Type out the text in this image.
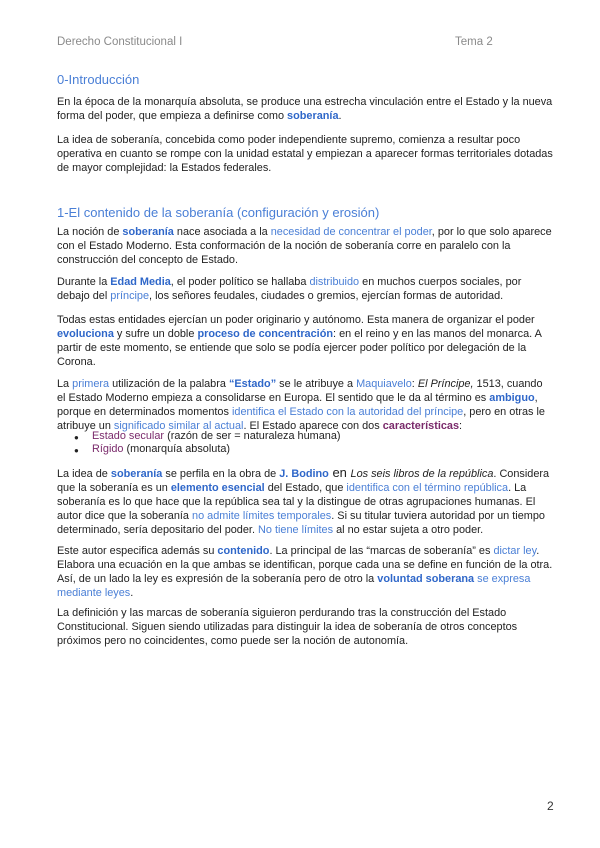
Derecho Constitucional I	Tema 2
0-Introducción

En la época de la monarquía absoluta, se produce una estrecha vinculación entre el Estado y la nueva forma del poder, que empieza a definirse como soberanía.

La idea de soberanía, concebida como poder independiente supremo, comienza a resultar poco operativa en cuanto se rompe con la unidad estatal y empiezan a aparecer formas territoriales dotadas de mayor complejidad: la Estados federales.

1-El contenido de la soberanía (configuración y erosión)

La noción de soberanía nace asociada a la necesidad de concentrar el poder, por lo que solo aparece con el Estado Moderno. Esta conformación de la noción de soberanía corre en paralelo con la construcción del concepto de Estado.

Durante la Edad Media, el poder político se hallaba distribuido en muchos cuerpos sociales, por debajo del príncipe, los señores feudales, ciudades o gremios, ejercían formas de autoridad.

Todas estas entidades ejercían un poder originario y autónomo. Esta manera de organizar el poder evoluciona y sufre un doble proceso de concentración: en el reino y en las manos del monarca. A partir de este momento, se entiende que solo se podía ejercer poder político por delegación de la Corona.

La primera utilización de la palabra “Estado” se le atribuye a Maquiavelo: El Príncipe, 1513, cuando el Estado Moderno empieza a consolidarse en Europa. El sentido que le da al término es ambiguo, porque en determinados momentos identifica el Estado con la autoridad del príncipe, pero en otras le atribuye un significado similar al actual. El Estado aparece con dos características:

● Estado secular (razón de ser = naturaleza humana)
● Rígido (monarquía absoluta)

La idea de soberanía se perfila en la obra de J. Bodino en Los seis libros de la república. Considera que la soberanía es un elemento esencial del Estado, que identifica con el término república. La soberanía es lo que hace que la república sea tal y la distingue de otras agrupaciones humanas. El autor dice que la soberanía no admite límites temporales. Si su titular tuviera autoridad por un tiempo determinado, sería depositario del poder. No tiene límites al no estar sujeta a otro poder.

Este autor especifica además su contenido. La principal de las “marcas de soberanía” es dictar ley. Elabora una ecuación en la que ambas se identifican, porque cada una se define en función de la otra. Así, de un lado la ley es expresión de la soberanía pero de otro la voluntad soberana se expresa mediante leyes.

La definición y las marcas de soberanía siguieron perdurando tras la construcción del Estado Constitucional. Siguen siendo utilizadas para distinguir la idea de soberanía de otros conceptos próximos pero no coincidentes, como puede ser la noción de autonomía.

2
